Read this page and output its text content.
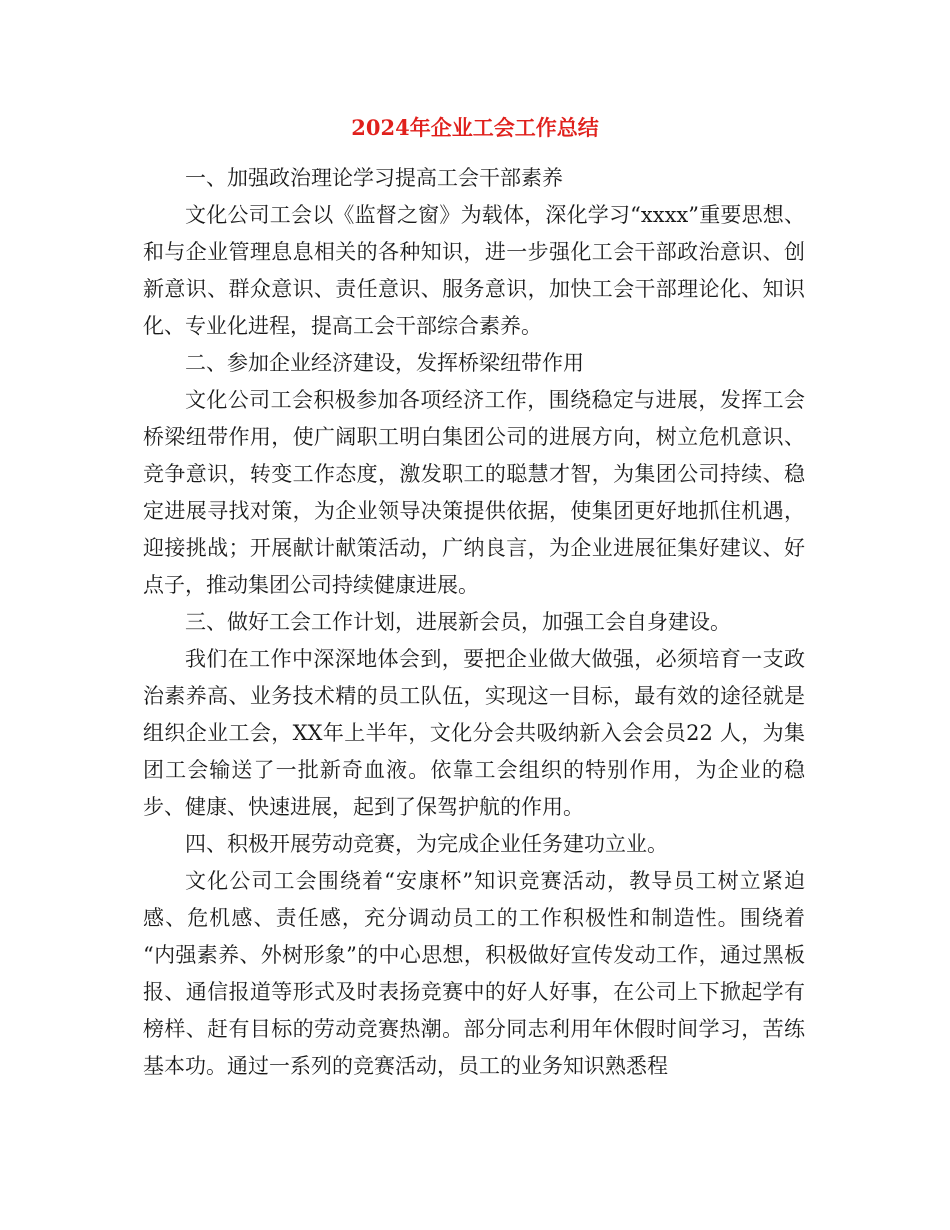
2024年企业工会工作总结

一、加强政治理论学习提高工会干部素养

文化公司工会以《监督之窗》为载体，深化学习“xxxx”重要思想、和与企业管理息息相关的各种知识，进一步强化工会干部政治意识、创新意识、群众意识、责任意识、服务意识，加快工会干部理论化、知识化、专业化进程，提高工会干部综合素养。

二、参加企业经济建设，发挥桥梁纽带作用

文化公司工会积极参加各项经济工作，围绕稳定与进展，发挥工会桥梁纽带作用，使广阔职工明白集团公司的进展方向，树立危机意识、竞争意识，转变工作态度，激发职工的聪慧才智，为集团公司持续、稳定进展寻找对策，为企业领导决策提供依据，使集团更好地抓住机遇，迎接挑战；开展献计献策活动，广纳良言，为企业进展征集好建议、好点子，推动集团公司持续健康进展。

三、做好工会工作计划，进展新会员，加强工会自身建设。

我们在工作中深深地体会到，要把企业做大做强，必须培育一支政治素养高、业务技术精的员工队伍，实现这一目标，最有效的途径就是组织企业工会，XX年上半年，文化分会共吸纳新入会会员22 人，为集团工会输送了一批新奇血液。依靠工会组织的特别作用，为企业的稳步、健康、快速进展，起到了保驾护航的作用。

四、积极开展劳动竞赛，为完成企业任务建功立业。

文化公司工会围绕着“安康杯”知识竞赛活动，教导员工树立紧迫感、危机感、责任感，充分调动员工的工作积极性和制造性。围绕着 “内强素养、外树形象”的中心思想，积极做好宣传发动工作，通过黑板报、通信报道等形式及时表扬竞赛中的好人好事，在公司上下掀起学有榜样、赶有目标的劳动竞赛热潮。部分同志利用年休假时间学习，苦练基本功。通过一系列的竞赛活动，员工的业务知识熟悉程
